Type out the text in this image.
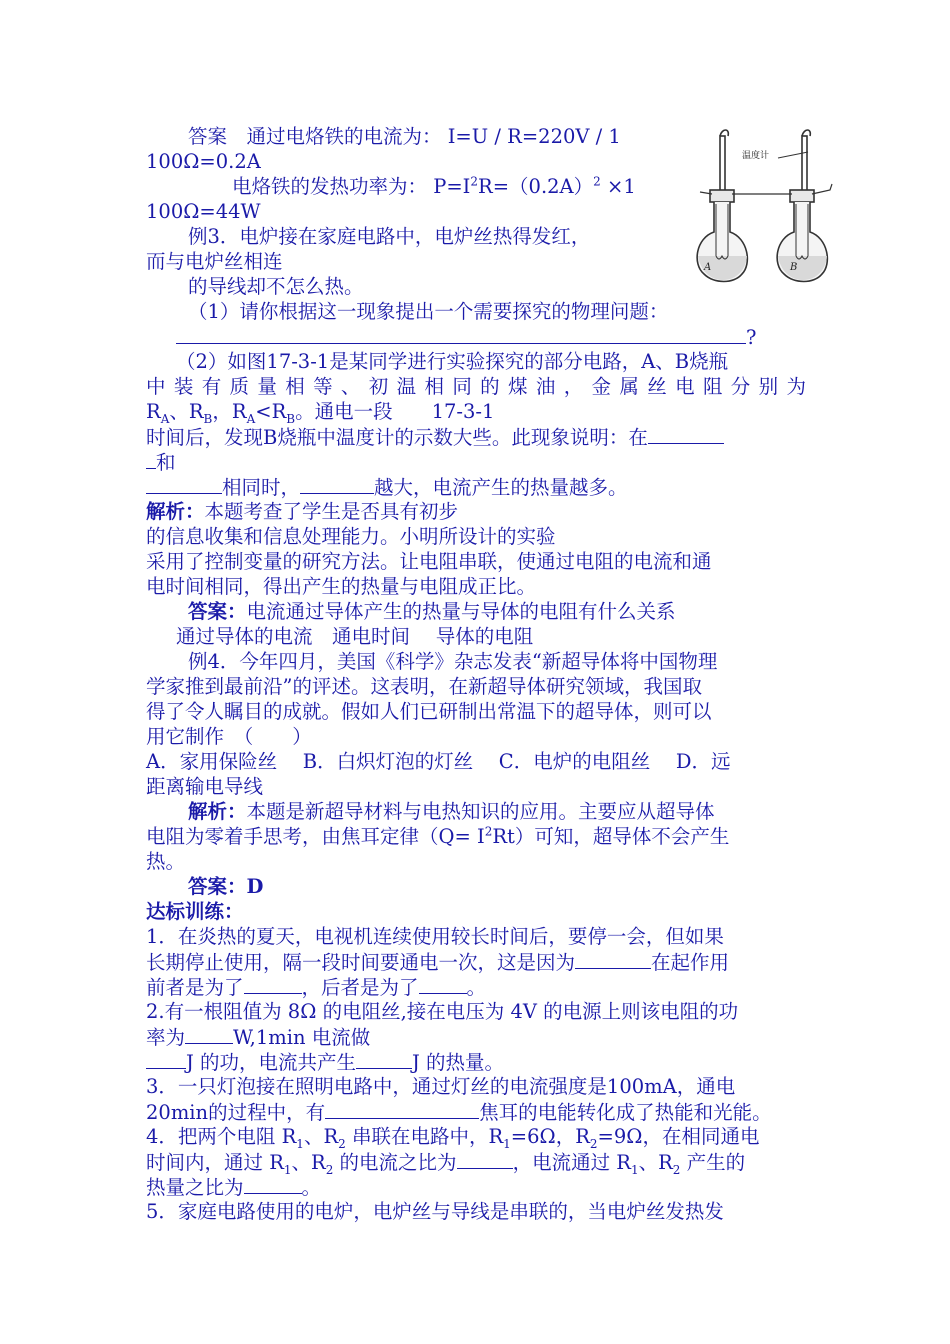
温度计
A	B
答案　通过电烙铁的电流为： I=U / R=220V / 1
100Ω=0.2A
电烙铁的发热功率为： $P=I^2R=(0.2A)^2 \times 1$
100Ω=44W
例3．电炉接在家庭电路中，电炉丝热得发红，
而与电炉丝相连
的导线却不怎么热。
（1）请你根据这一现象提出一个需要探究的物理问题：
?
（2）如图17-3-1是某同学进行实验探究的部分电路，A、B烧瓶
中装有质量相等、初温相同的煤油，金属丝电阻分别为
$R_A$、$R_B$，$R_A<R_B$。通电一段　　17-3-1
时间后，发现B烧瓶中温度计的示数大些。此现象说明：在
和
相同时，	越大，电流产生的热量越多。
解析：本题考查了学生是否具有初步
的信息收集和信息处理能力。小明所设计的实验
采用了控制变量的研究方法。让电阻串联，使通过电阻的电流和通
电时间相同，得出产生的热量与电阻成正比。
答案：电流通过导体产生的热量与导体的电阻有什么关系
通过导体的电流　通电时间　 导体的电阻
例4．今年四月，美国《科学》杂志发表“新超导体将中国物理
学家推到最前沿”的评述。这表明，在新超导体研究领域，我国取
得了令人瞩目的成就。假如人们已研制出常温下的超导体，则可以
用它制作　（　　）
A．家用保险丝　 B．白炽灯泡的灯丝　 C．电炉的电阻丝　 D．远
距离输电导线
解析：本题是新超导材料与电热知识的应用。主要应从超导体
电阻为零着手思考，由焦耳定律$(Q= I^2Rt)$可知，超导体不会产生
热。
答案：D
达标训练：
1．在炎热的夏天，电视机连续使用较长时间后，要停一会，但如果
长期停止使用，隔一段时间要通电一次，这是因为	在起作用
前者是为了	，后者是为了 。
2.有一根阻值为 8Ω 的电阻丝,接在电压为 4V 的电源上则该电阻的功
率为 W,1min 电流做
J 的功，电流共产生	J 的热量。
3．一只灯泡接在照明电路中，通过灯丝的电流强度是100mA，通电
20min的过程中，有	焦耳的电能转化成了热能和光能。
4．把两个电阻 $R_1$、$R_2$ 串联在电路中，$R_1=6\Omega$，$R_2=9\Omega$，在相同通电
时间内，通过 $R_1$、$R_2$ 的电流之比为	，电流通过 $R_1$、$R_2$ 产生的
热量之比为	。
5．家庭电路使用的电炉，电炉丝与导线是串联的，当电炉丝发热发
